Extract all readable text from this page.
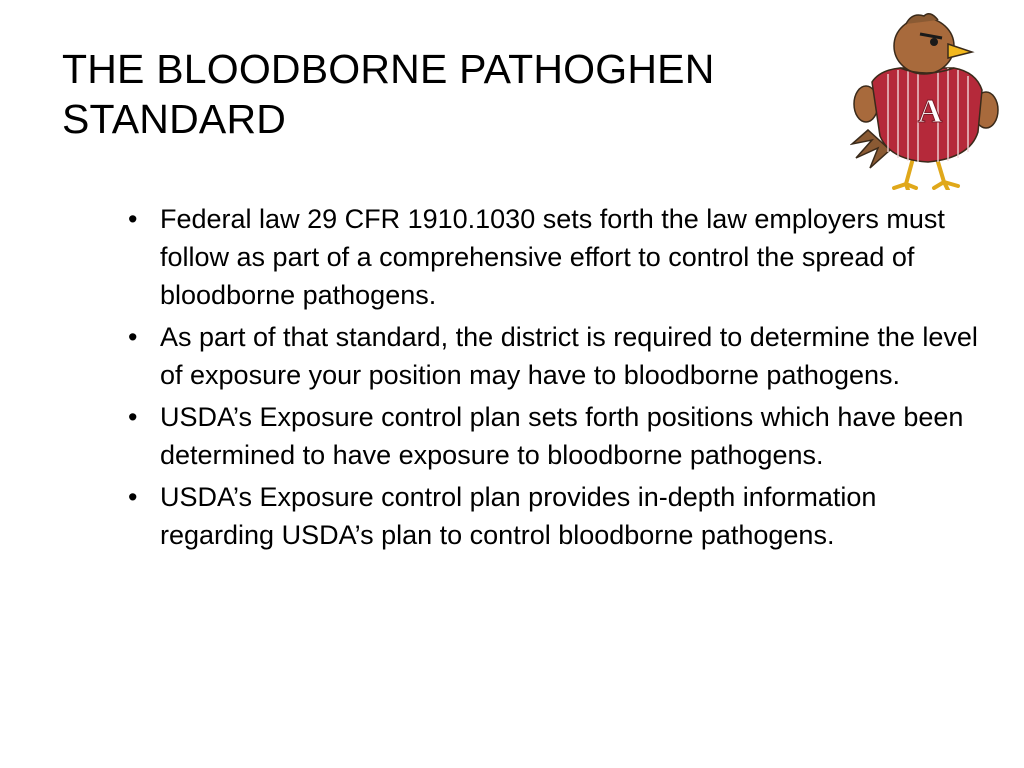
THE BLOODBORNE PATHOGHEN
STANDARD	A
• Federal law 29 CFR 1910.1030 sets forth the law employers must follow as part of a comprehensive effort to control the spread of bloodborne pathogens.
• As part of that standard, the district is required to determine the level of exposure your position may have to bloodborne pathogens.
• USDA’s Exposure control plan sets forth positions which have been determined to have exposure to bloodborne pathogens.
• USDA’s Exposure control plan provides in-depth information regarding USDA’s plan to control bloodborne pathogens.
